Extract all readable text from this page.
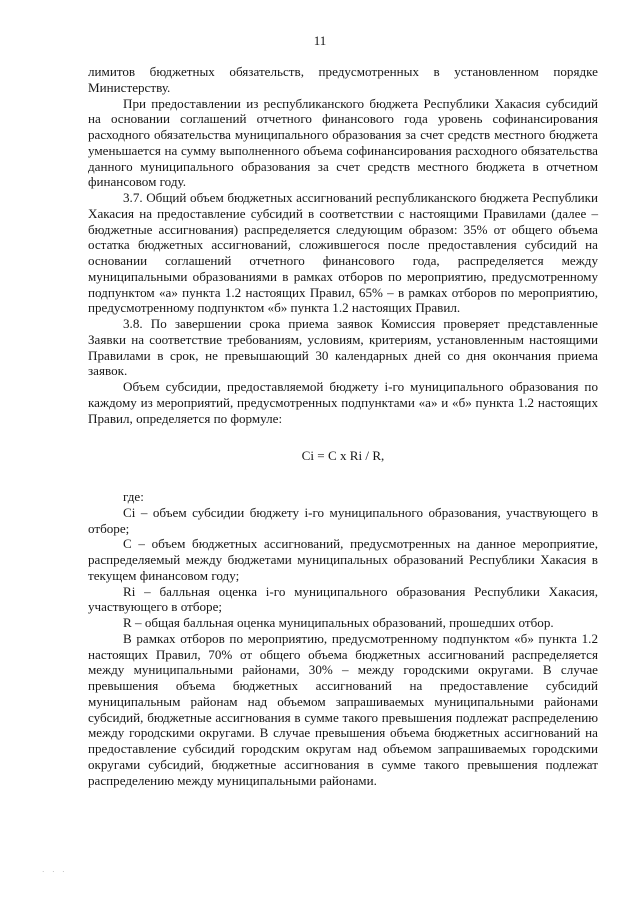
11

лимитов бюджетных обязательств, предусмотренных в установленном порядке Министерству.

При предоставлении из республиканского бюджета Республики Хакасия субсидий на основании соглашений отчетного финансового года уровень софинансирования расходного обязательства муниципального образования за счет средств местного бюджета уменьшается на сумму выполненного объема софинансирования расходного обязательства данного муниципального образования за счет средств местного бюджета в отчетном финансовом году.

3.7. Общий объем бюджетных ассигнований республиканского бюджета Республики Хакасия на предоставление субсидий в соответствии с настоящими Правилами (далее – бюджетные ассигнования) распределяется следующим образом: 35% от общего объема остатка бюджетных ассигнований, сложившегося после предоставления субсидий на основании соглашений отчетного финансового года, распределяется между муниципальными образованиями в рамках отборов по мероприятию, предусмотренному подпунктом «а» пункта 1.2 настоящих Правил, 65% – в рамках отборов по мероприятию, предусмотренному подпунктом «б» пункта 1.2 настоящих Правил.

3.8. По завершении срока приема заявок Комиссия проверяет представленные Заявки на соответствие требованиям, условиям, критериям, установленным настоящими Правилами в срок, не превышающий 30 календарных дней со дня окончания приема заявок.

Объем субсидии, предоставляемой бюджету i-го муниципального образования по каждому из мероприятий, предусмотренных подпунктами «а» и «б» пункта 1.2 настоящих Правил, определяется по формуле:

Ci = C x Ri / R,

где:

Ci – объем субсидии бюджету i-го муниципального образования, участвующего в отборе;

C – объем бюджетных ассигнований, предусмотренных на данное мероприятие, распределяемый между бюджетами муниципальных образований Республики Хакасия в текущем финансовом году;

Ri – балльная оценка i-го муниципального образования Республики Хакасия, участвующего в отборе;

R – общая балльная оценка муниципальных образований, прошедших отбор.

В рамках отборов по мероприятию, предусмотренному подпунктом «б» пункта 1.2 настоящих Правил, 70% от общего объема бюджетных ассигнований распределяется между муниципальными районами, 30% – между городскими округами. В случае превышения объема бюджетных ассигнований на предоставление субсидий муниципальным районам над объемом запрашиваемых муниципальными районами субсидий, бюджетные ассигнования в сумме такого превышения подлежат распределению между городскими округами. В случае превышения объема бюджетных ассигнований на предоставление субсидий городским округам над объемом запрашиваемых городскими округами субсидий, бюджетные ассигнования в сумме такого превышения подлежат распределению между муниципальными районами.

· · ·
